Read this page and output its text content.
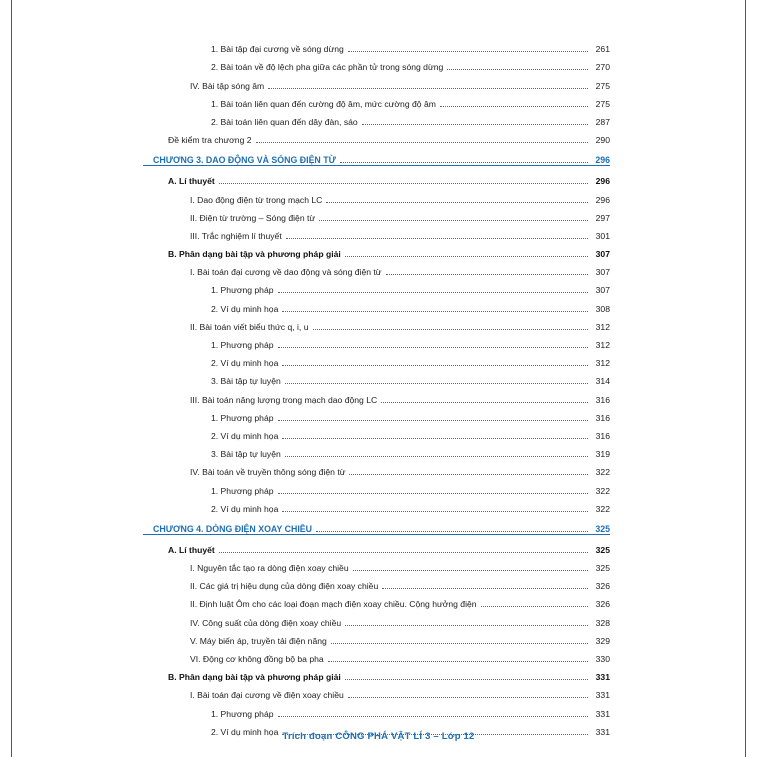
1. Bài tập đại cương về sóng dừng	261
2. Bài toán về độ lệch pha giữa các phần tử trong sóng dừng	270
IV. Bài tập sóng âm	275
1. Bài toán liên quan đến cường độ âm, mức cường độ âm	275
2. Bài toán liên quan đến dây đàn, sáo	287
Đề kiểm tra chương 2	290
CHƯƠNG 3. DAO ĐỘNG VÀ SÓNG ĐIỆN TỪ	296
A. Lí thuyết	296
I. Dao động điện từ trong mạch LC	296
II. Điện từ trường – Sóng điện từ	297
III. Trắc nghiệm lí thuyết	301
B. Phân dạng bài tập và phương pháp giải	307
I. Bài toán đại cương về dao động và sóng điện từ	307
1. Phương pháp	307
2. Ví dụ minh họa	308
II. Bài toán viết biểu thức q, i, u	312
1. Phương pháp	312
2. Ví dụ minh họa	312
3. Bài tập tự luyện	314
III. Bài toán năng lượng trong mạch dao động LC	316
1. Phương pháp	316
2. Ví dụ minh họa	316
3. Bài tập tự luyện	319
IV. Bài toán về truyền thông sóng điện từ	322
1. Phương pháp	322
2. Ví dụ minh họa	322
CHƯƠNG 4. DÒNG ĐIỆN XOAY CHIỀU	325
A. Lí thuyết	325
I. Nguyên tắc tạo ra dòng điện xoay chiều	325
II. Các giá trị hiệu dụng của dòng điện xoay chiều	326
II. Định luật Ôm cho các loại đoạn mạch điện xoay chiều. Cộng hưởng điện	326
IV. Công suất của dòng điện xoay chiều	328
V. Máy biến áp, truyền tải điện năng	329
VI. Động cơ không đồng bộ ba pha	330
B. Phân dạng bài tập và phương pháp giải	331
I. Bài toán đại cương về điện xoay chiều	331
1. Phương pháp	331
2. Ví dụ minh họa	331
Trích đoạn CÔNG PHÁ VẬT LÍ 3 – Lớp 12
